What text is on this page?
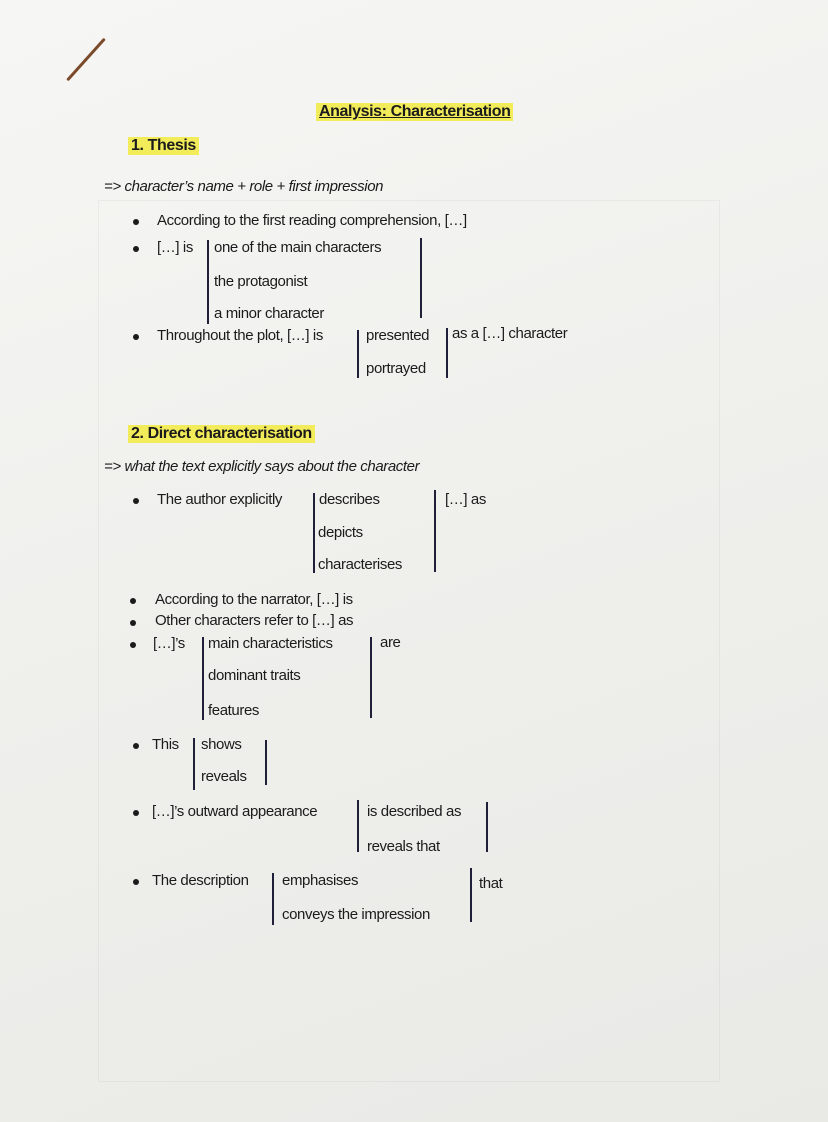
Analysis: Characterisation
1. Thesis
=> character’s name + role + first impression
According to the first reading comprehension, […]
[…] is one of the main characters
the protagonist
a minor character
Throughout the plot, […] is	presented
portrayed
as a […] character
2. Direct characterisation
=> what the text explicitly says about the character
The author explicitly describes
depicts
characterises
[…] as
According to the narrator, […] is
Other characters refer to […] as
[…]’s main characteristics
dominant traits
features
are
This shows
reveals
[…]’s outward appearance	is described as
reveals that
The description emphasises
conveys the impression
that
